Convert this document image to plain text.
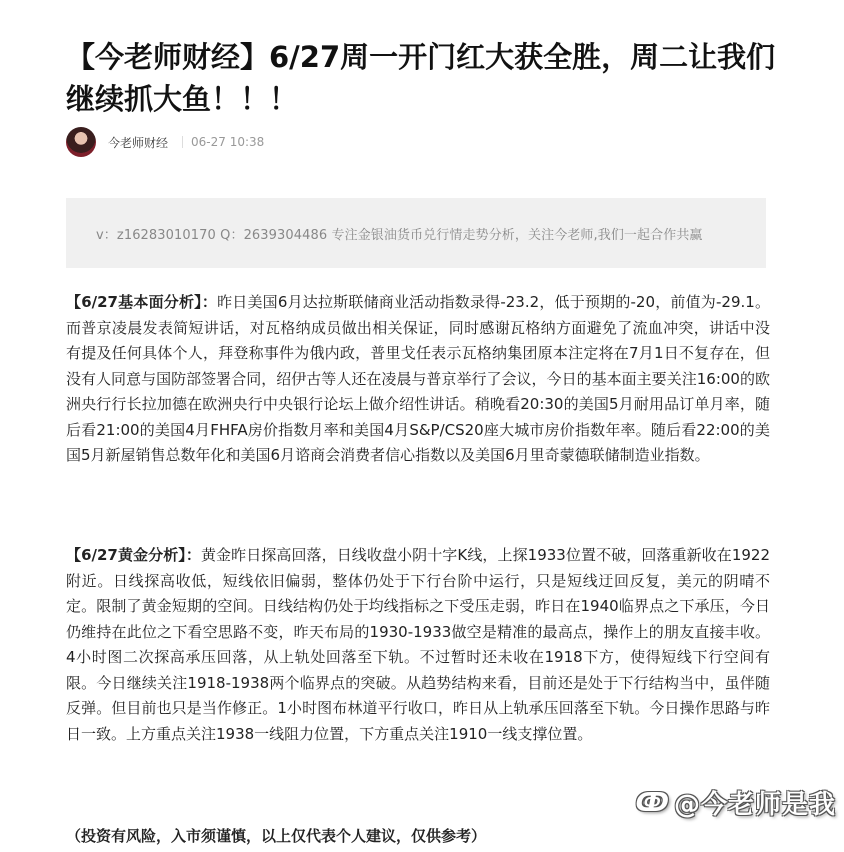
【今老师财经】6/27周一开门红大获全胜，周二让我们继续抓大鱼！！！
今老师财经 06-27 10:38
v：z16283010170 Q：2639304486 专注金银油货币兑行情走势分析，关注今老师,我们一起合作共赢

【6/27基本面分析】：昨日美国6月达拉斯联储商业活动指数录得-23.2，低于预期的-20，前值为-29.1。而普京凌晨发表简短讲话，对瓦格纳成员做出相关保证，同时感谢瓦格纳方面避免了流血冲突，讲话中没有提及任何具体个人，拜登称事件为俄内政，普里戈任表示瓦格纳集团原本注定将在7月1日不复存在，但没有人同意与国防部签署合同，绍伊古等人还在凌晨与普京举行了会议，今日的基本面主要关注16:00的欧洲央行行长拉加德在欧洲央行中央银行论坛上做介绍性讲话。稍晚看20:30的美国5月耐用品订单月率，随后看21:00的美国4月FHFA房价指数月率和美国4月S&P/CS20座大城市房价指数年率。随后看22:00的美国5月新屋销售总数年化和美国6月谘商会消费者信心指数以及美国6月里奇蒙德联储制造业指数。

【6/27黄金分析】：黄金昨日探高回落，日线收盘小阴十字K线，上探1933位置不破，回落重新收在1922附近。日线探高收低，短线依旧偏弱，整体仍处于下行台阶中运行，只是短线迂回反复，美元的阴晴不定。限制了黄金短期的空间。日线结构仍处于均线指标之下受压走弱，昨日在1940临界点之下承压，今日仍维持在此位之下看空思路不变，昨天布局的1930-1933做空是精准的最高点，操作上的朋友直接丰收。 4小时图二次探高承压回落，从上轨处回落至下轨。不过暂时还未收在1918下方，使得短线下行空间有限。今日继续关注1918-1938两个临界点的突破。从趋势结构来看，目前还是处于下行结构当中，虽伴随反弹。但目前也只是当作修正。1小时图布林道平行收口，昨日从上轨承压回落至下轨。今日操作思路与昨日一致。上方重点关注1938一线阻力位置，下方重点关注1910一线支撑位置。

（投资有风险，入市须谨慎，以上仅代表个人建议，仅供参考）

ↂ @今老师是我
